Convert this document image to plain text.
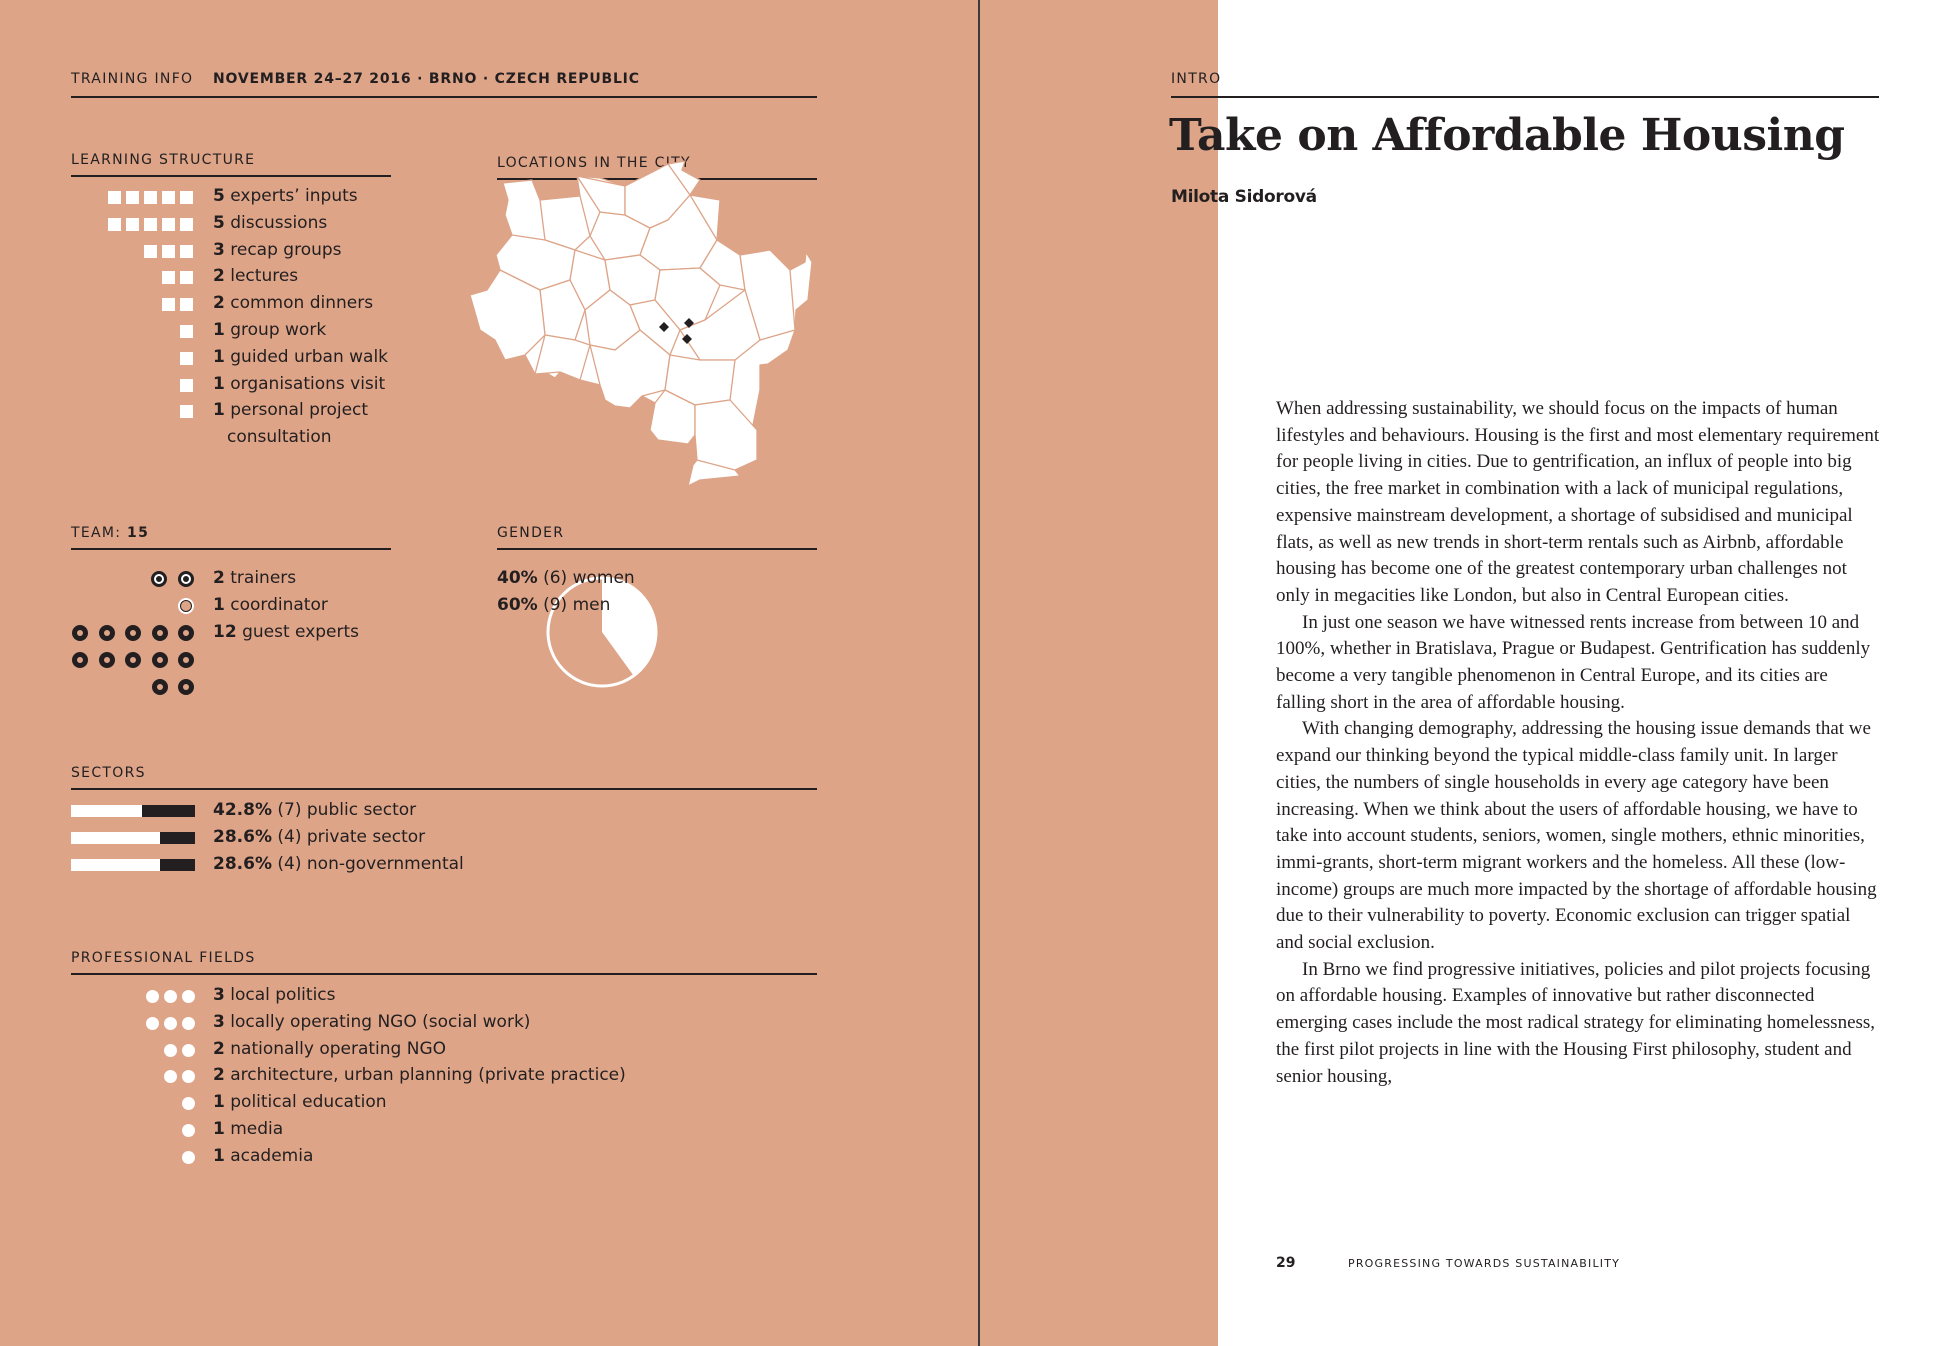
TRAINING INFO NOVEMBER 24–27 2016 · BRNO · CZECH REPUBLIC
LEARNING STRUCTURE
5 experts’ inputs
5 discussions
3 recap groups
2 lectures
2 common dinners
1 group work
1 guided urban walk
1 organisations visit
1 personal project
consultation
LOCATIONS IN THE CITY
TEAM: 15
2 trainers
1 coordinator
12 guest experts
GENDER
40% (6) women
60% (9) men
SECTORS
42.8% (7) public sector
28.6% (4) private sector
28.6% (4) non-governmental
PROFESSIONAL FIELDS
3 local politics
3 locally operating NGO (social work)
2 nationally operating NGO
2 architecture, urban planning (private practice)
1 political education
1 media
1 academia
INTRO
Take on Affordable Housing
Milota Sidorová

When addressing sustainability, we should focus on the impacts of human lifestyles and behaviours. Housing is the first and most elementary requirement for people living in cities. Due to gentrification, an influx of people into big cities, the free market in combination with a lack of municipal regulations, expensive mainstream development, a shortage of subsidised and municipal flats, as well as new trends in short-term rentals such as Airbnb, affordable housing has become one of the greatest contemporary urban challenges not only in megacities like London, but also in Central European cities.

In just one season we have witnessed rents increase from between 10 and 100%, whether in Bratislava, Prague or Budapest. Gentrification has suddenly become a very tangible phenomenon in Central Europe, and its cities are falling short in the area of affordable housing.

With changing demography, addressing the housing issue demands that we expand our thinking beyond the typical middle-class family unit. In larger cities, the numbers of single households in every age category have been increasing. When we think about the users of affordable housing, we have to take into account students, seniors, women, single mothers, ethnic minorities, immi-grants, short-term migrant workers and the homeless. All these (low-income) groups are much more impacted by the shortage of affordable housing due to their vulnerability to poverty. Economic exclusion can trigger spatial and social exclusion.

In Brno we find progressive initiatives, policies and pilot projects focusing on affordable housing. Examples of innovative but rather disconnected emerging cases include the most radical strategy for eliminating homelessness, the first pilot projects in line with the Housing First philosophy, student and senior housing,

29	PROGRESSING TOWARDS SUSTAINABILITY
